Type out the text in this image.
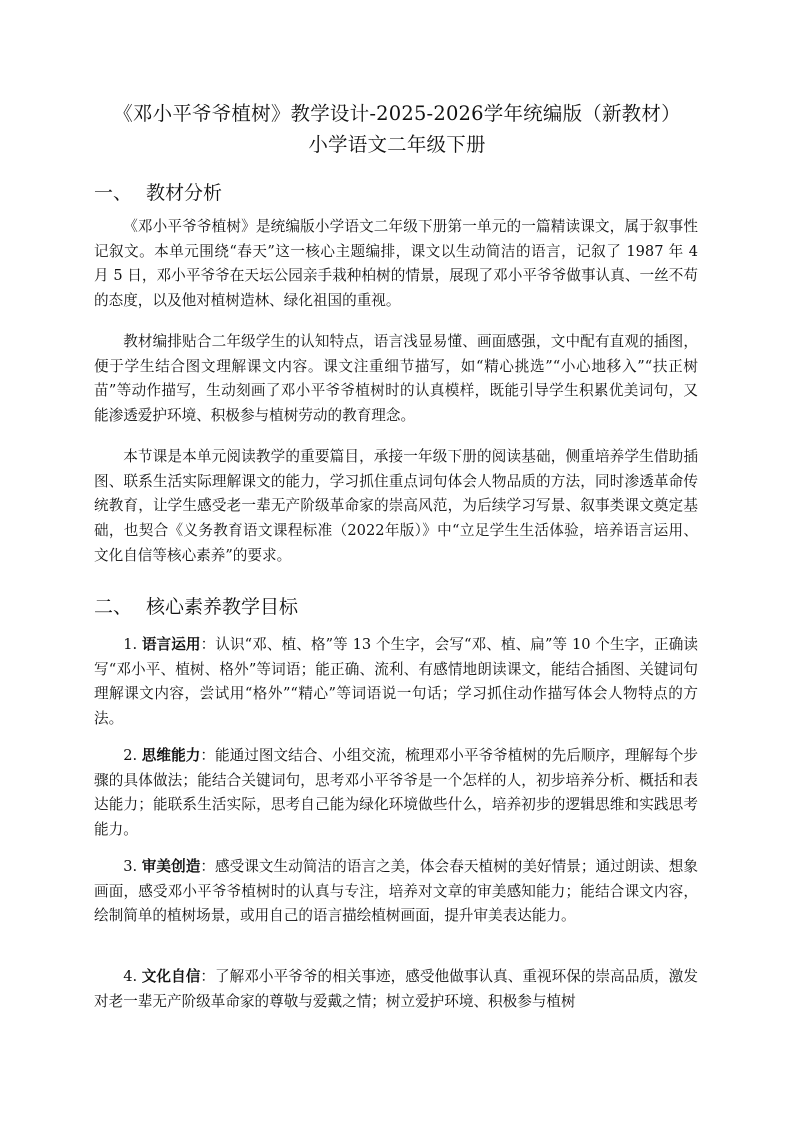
《邓小平爷爷植树》教学设计-2025-2026学年统编版（新教材）
小学语文二年级下册
一、 教材分析

《邓小平爷爷植树》是统编版小学语文二年级下册第一单元的一篇精读课文，属于叙事性记叙文。本单元围绕“春天”这一核心主题编排，课文以生动简洁的语言，记叙了 1987 年 4 月 5 日，邓小平爷爷在天坛公园亲手栽种柏树的情景，展现了邓小平爷爷做事认真、一丝不苟的态度，以及他对植树造林、绿化祖国的重视。

教材编排贴合二年级学生的认知特点，语言浅显易懂、画面感强，文中配有直观的插图，便于学生结合图文理解课文内容。课文注重细节描写，如“精心挑选”“小心地移入”“扶正树苗”等动作描写，生动刻画了邓小平爷爷植树时的认真模样，既能引导学生积累优美词句，又能渗透爱护环境、积极参与植树劳动的教育理念。

本节课是本单元阅读教学的重要篇目，承接一年级下册的阅读基础，侧重培养学生借助插图、联系生活实际理解课文的能力，学习抓住重点词句体会人物品质的方法，同时渗透革命传统教育，让学生感受老一辈无产阶级革命家的崇高风范，为后续学习写景、叙事类课文奠定基础，也契合《义务教育语文课程标准（2022年版）》中“立足学生生活体验，培养语言运用、文化自信等核心素养”的要求。

二、 核心素养教学目标

1. 语言运用：认识“邓、植、格”等 13 个生字，会写“邓、植、扁”等 10 个生字，正确读写“邓小平、植树、格外”等词语；能正确、流利、有感情地朗读课文，能结合插图、关键词句理解课文内容，尝试用“格外”“精心”等词语说一句话；学习抓住动作描写体会人物特点的方法。

2. 思维能力：能通过图文结合、小组交流，梳理邓小平爷爷植树的先后顺序，理解每个步骤的具体做法；能结合关键词句，思考邓小平爷爷是一个怎样的人，初步培养分析、概括和表达能力；能联系生活实际，思考自己能为绿化环境做些什么，培养初步的逻辑思维和实践思考能力。

3. 审美创造：感受课文生动简洁的语言之美，体会春天植树的美好情景；通过朗读、想象画面，感受邓小平爷爷植树时的认真与专注，培养对文章的审美感知能力；能结合课文内容，绘制简单的植树场景，或用自己的语言描绘植树画面，提升审美表达能力。

4. 文化自信：了解邓小平爷爷的相关事迹，感受他做事认真、重视环保的崇高品质，激发对老一辈无产阶级革命家的尊敬与爱戴之情；树立爱护环境、积极参与植树
